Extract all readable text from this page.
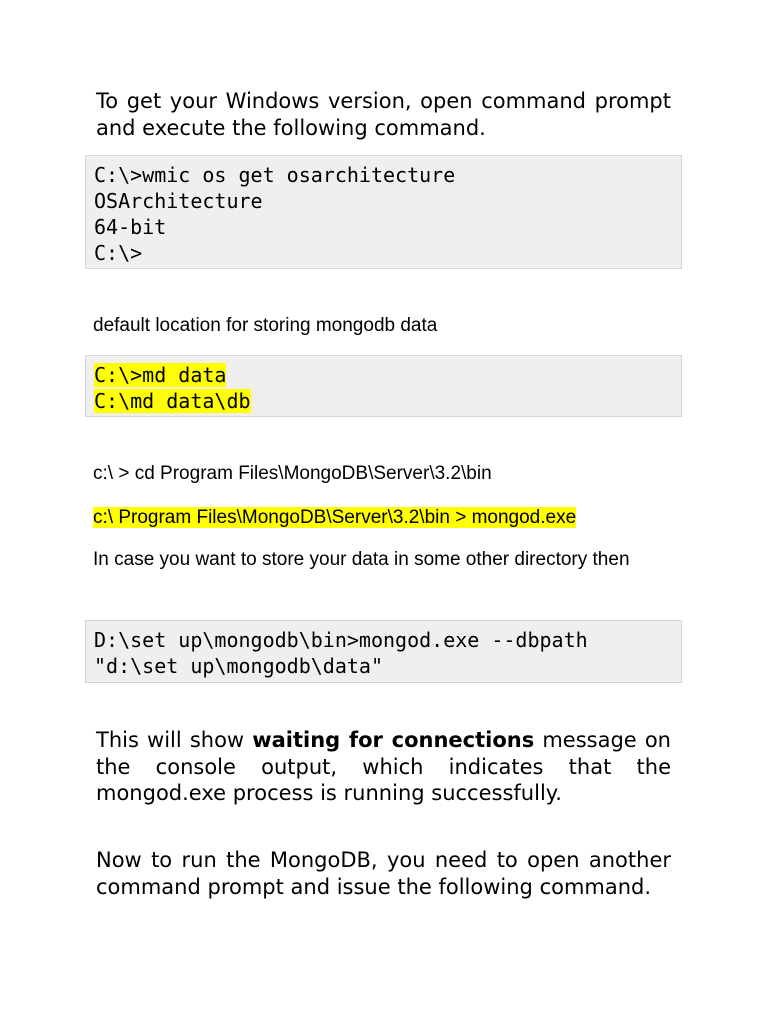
To get your Windows version, open command prompt and execute the following command.

C:\>wmic os get osarchitecture
OSArchitecture
64-bit
C:\>

default location for storing mongodb data

C:\>md data
C:\md data\db

c:\ > cd Program Files\MongoDB\Server\3.2\bin

c:\ Program Files\MongoDB\Server\3.2\bin > mongod.exe

In case you want to store your data in some other directory then

D:\set up\mongodb\bin>mongod.exe --dbpath
"d:\set up\mongodb\data"

This will show waiting for connections message on the console output, which indicates that the mongod.exe process is running successfully.

Now to run the MongoDB, you need to open another command prompt and issue the following command.
